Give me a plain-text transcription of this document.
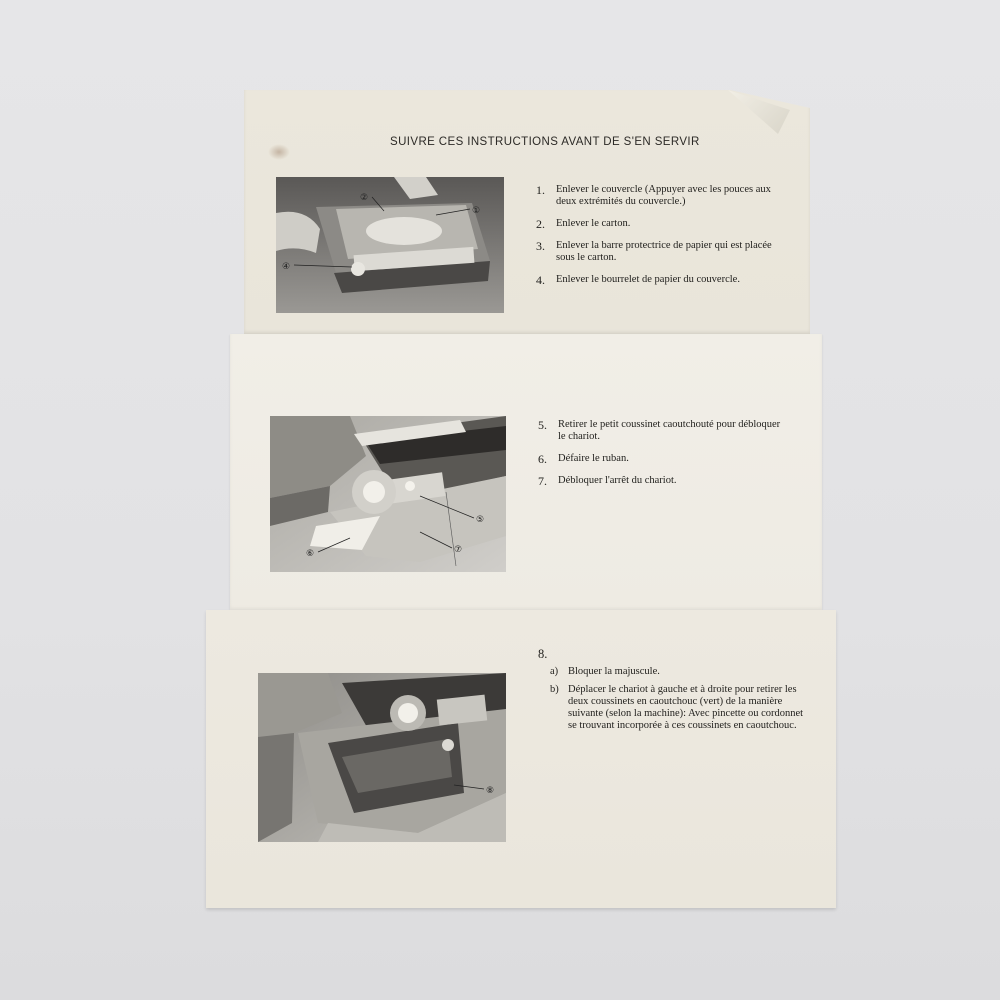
SUIVRE CES INSTRUCTIONS AVANT DE S'EN SERVIR
②
①
④
1. Enlever le couvercle (Appuyer avec les pouces aux deux extrémités du couvercle.)
2. Enlever le carton.
3. Enlever la barre protectrice de papier qui est placée sous le carton.
4. Enlever le bourrelet de papier du couvercle.
⑤
⑥	⑦
5. Retirer le petit coussinet caoutchouté pour débloquer le chariot.
6. Défaire le ruban.
7. Débloquer l'arrêt du chariot.
⑧
8.
a) Bloquer la majuscule.
b) Déplacer le chariot à gauche et à droite pour retirer les deux coussinets en caoutchouc (vert) de la manière suivante (selon la machine): Avec pincette ou cordonnet se trouvant incorporée à ces coussinets en caoutchouc.
